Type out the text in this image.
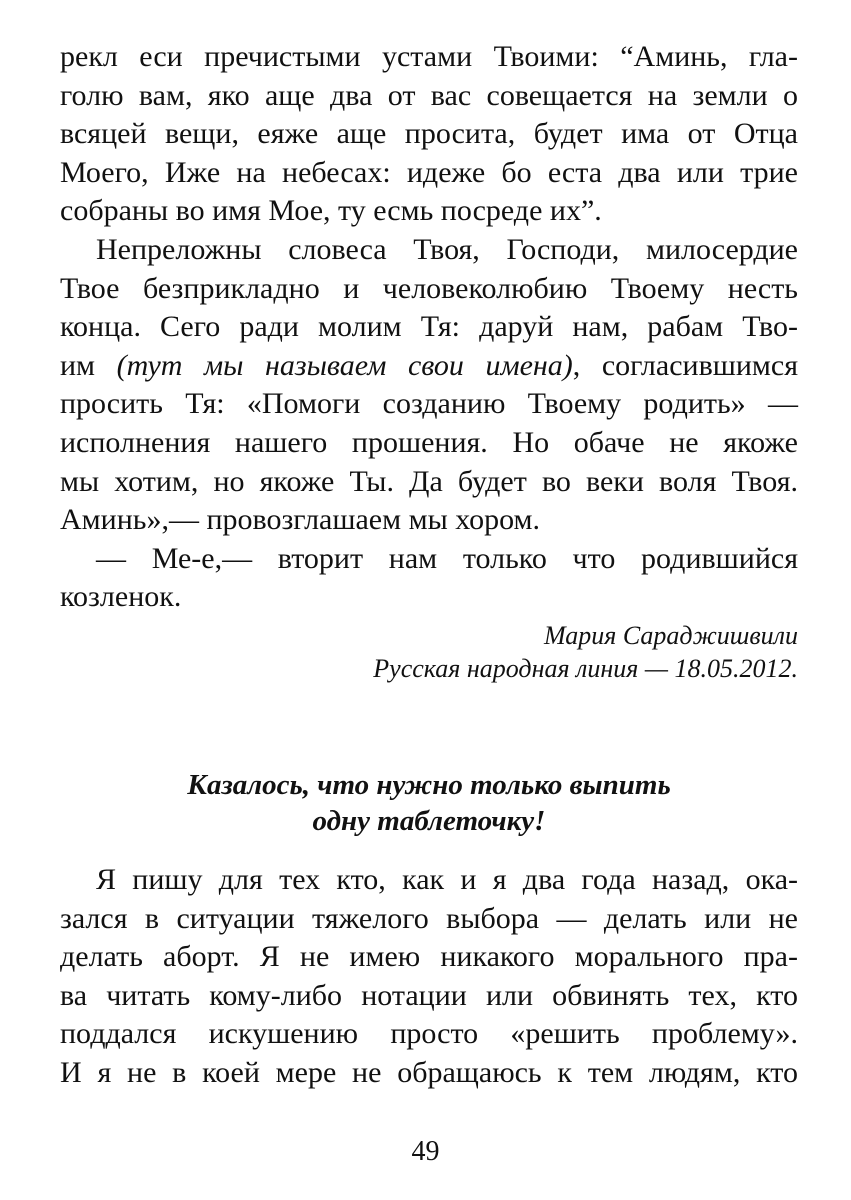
рекл еси пречистыми устами Твоими: “Аминь, гла-
голю вам, яко аще два от вас совещается на земли о
всяцей вещи, еяже аще просита, будет има от Отца
Моего, Иже на небесах: идеже бо еста два или трие
собраны во имя Мое, ту есмь посреде их”.
Непреложны словеса Твоя, Господи, милосердие
Твое безприкладно и человеколюбию Твоему несть
конца. Сего ради молим Тя: даруй нам, рабам Тво-
им (тут мы называем свои имена), согласившимся
просить Тя: «Помоги созданию Твоему родить» —
исполнения нашего прошения. Но обаче не якоже
мы хотим, но якоже Ты. Да будет во веки воля Твоя.
Аминь»,— провозглашаем мы хором.
— Ме-е,— вторит нам только что родившийся
козленок.
Мария Сараджишвили
Русская народная линия — 18.05.2012.
Казалось, что нужно только выпить
одну таблеточку!
Я пишу для тех кто, как и я два года назад, ока-
зался в ситуации тяжелого выбора — делать или не
делать аборт. Я не имею никакого морального пра-
ва читать кому-либо нотации или обвинять тех, кто
поддался искушению просто «решить проблему».
И я не в коей мере не обращаюсь к тем людям, кто
49
